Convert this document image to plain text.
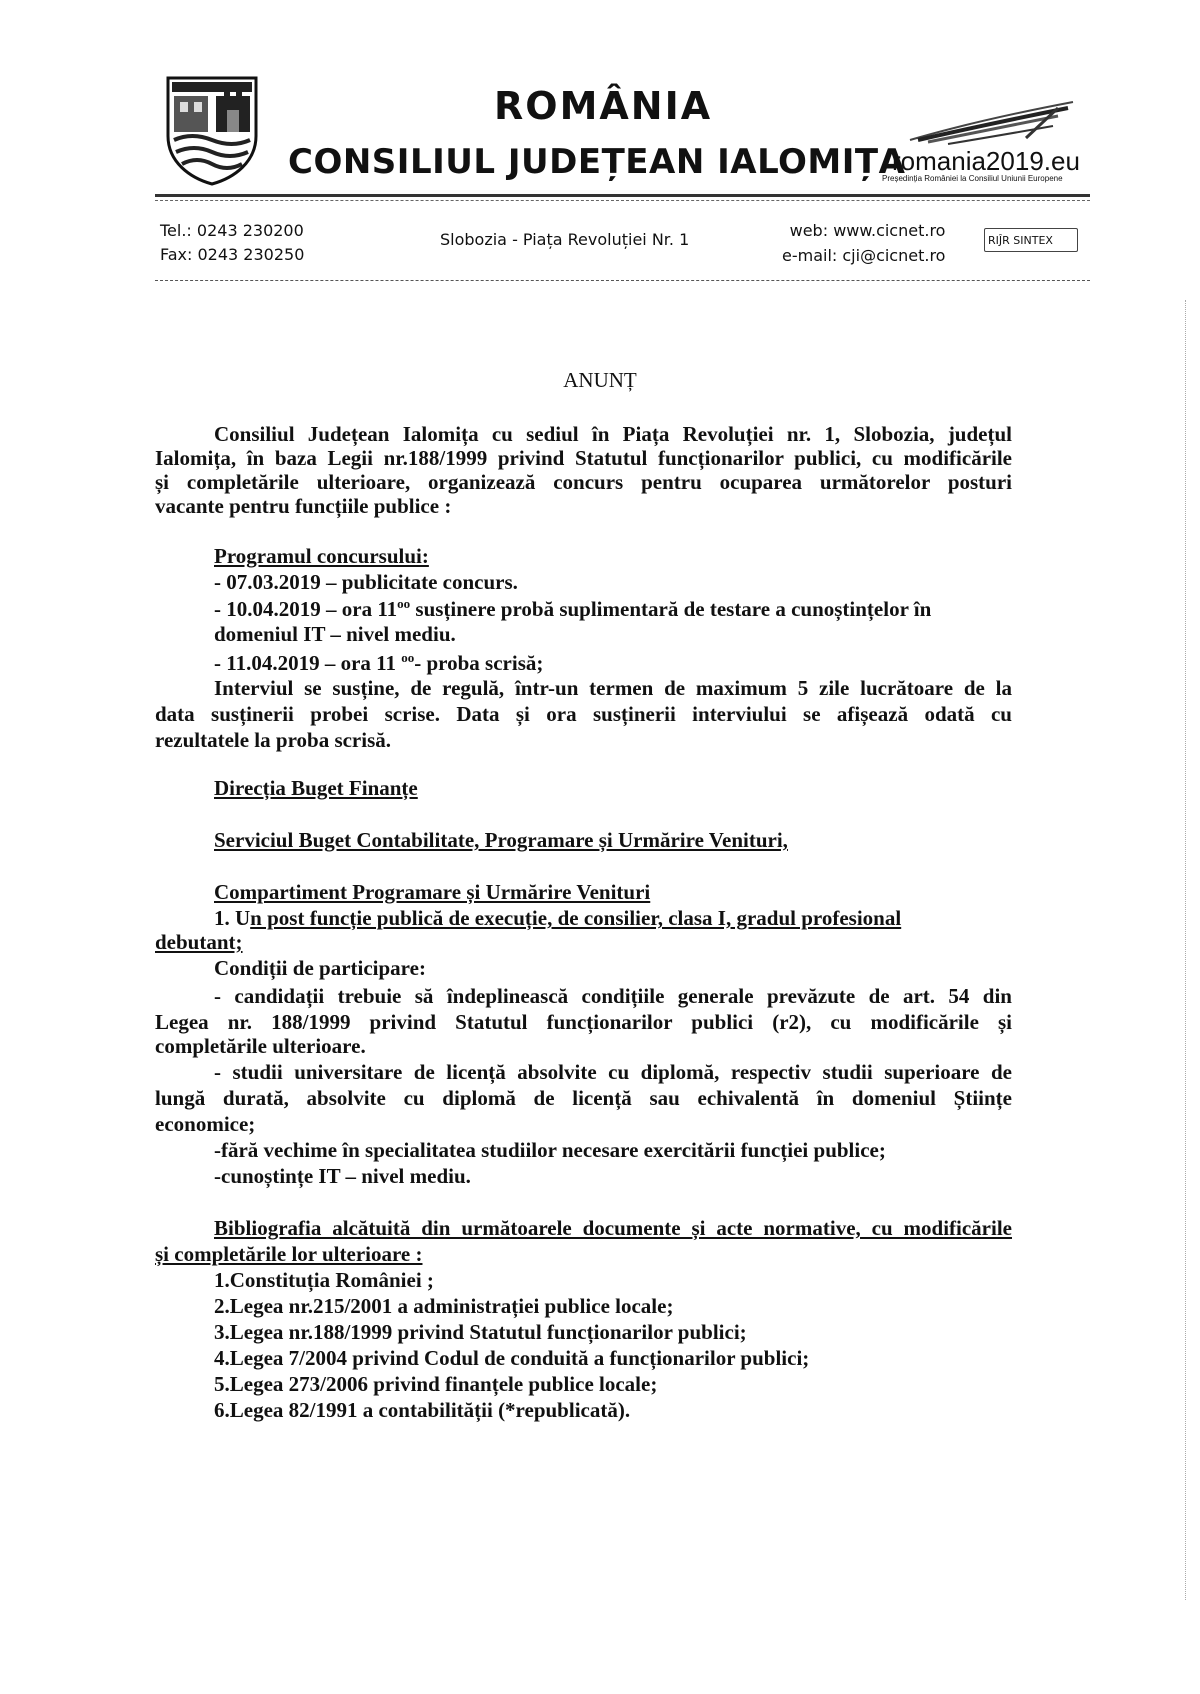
ROMÂNIA
CONSILIUL JUDEȚEAN IALOMIȚA
romania2019.eu
Președinția României la Consiliul Uniunii Europene
Tel.: 0243 230200
Fax: 0243 230250
Slobozia - Piața Revoluției Nr. 1	web: www.cicnet.ro
e-mail: cji@cicnet.ro
RIĴR SINTEX
ANUNȚ
Consiliul Județean Ialomița cu sediul în Piața Revoluției nr. 1, Slobozia, județul
Ialomița, în baza Legii nr.188/1999 privind Statutul funcționarilor publici, cu modificările
și completările ulterioare, organizează concurs pentru ocuparea următorelor posturi
vacante pentru funcțiile publice :
Programul concursului:
- 07.03.2019 – publicitate concurs.
- 10.04.2019 – ora $11^{oo}$ susținere probă suplimentară de testare a cunoștințelor în
domeniul IT – nivel mediu.
- 11.04.2019 – ora 11 $^{oo}$- proba scrisă;
Interviul se susține, de regulă, într-un termen de maximum 5 zile lucrătoare de la
data susținerii probei scrise. Data și ora susținerii interviului se afișează odată cu
rezultatele la proba scrisă.
Direcția Buget Finanțe
Serviciul Buget Contabilitate, Programare și Urmărire Venituri,
Compartiment Programare și Urmărire Venituri
1. Un post funcție publică de execuție, de consilier, clasa I, gradul profesional
debutant;
Condiții de participare:
- candidații trebuie să îndeplinească condițiile generale prevăzute de art. 54 din
Legea nr. 188/1999 privind Statutul funcționarilor publici (r2), cu modificările și
completările ulterioare.
- studii universitare de licență absolvite cu diplomă, respectiv studii superioare de
lungă durată, absolvite cu diplomă de licență sau echivalentă în domeniul Științe
economice;
-fără vechime în specialitatea studiilor necesare exercitării funcției publice;
-cunoștințe IT – nivel mediu.
Bibliografia alcătuită din următoarele documente și acte normative, cu modificările
și completările lor ulterioare :
1.Constituția României ;
2.Legea nr.215/2001 a administrației publice locale;
3.Legea nr.188/1999 privind Statutul funcționarilor publici;
4.Legea 7/2004 privind Codul de conduită a funcționarilor publici;
5.Legea 273/2006 privind finanțele publice locale;
6.Legea 82/1991 a contabilității (*republicată).
